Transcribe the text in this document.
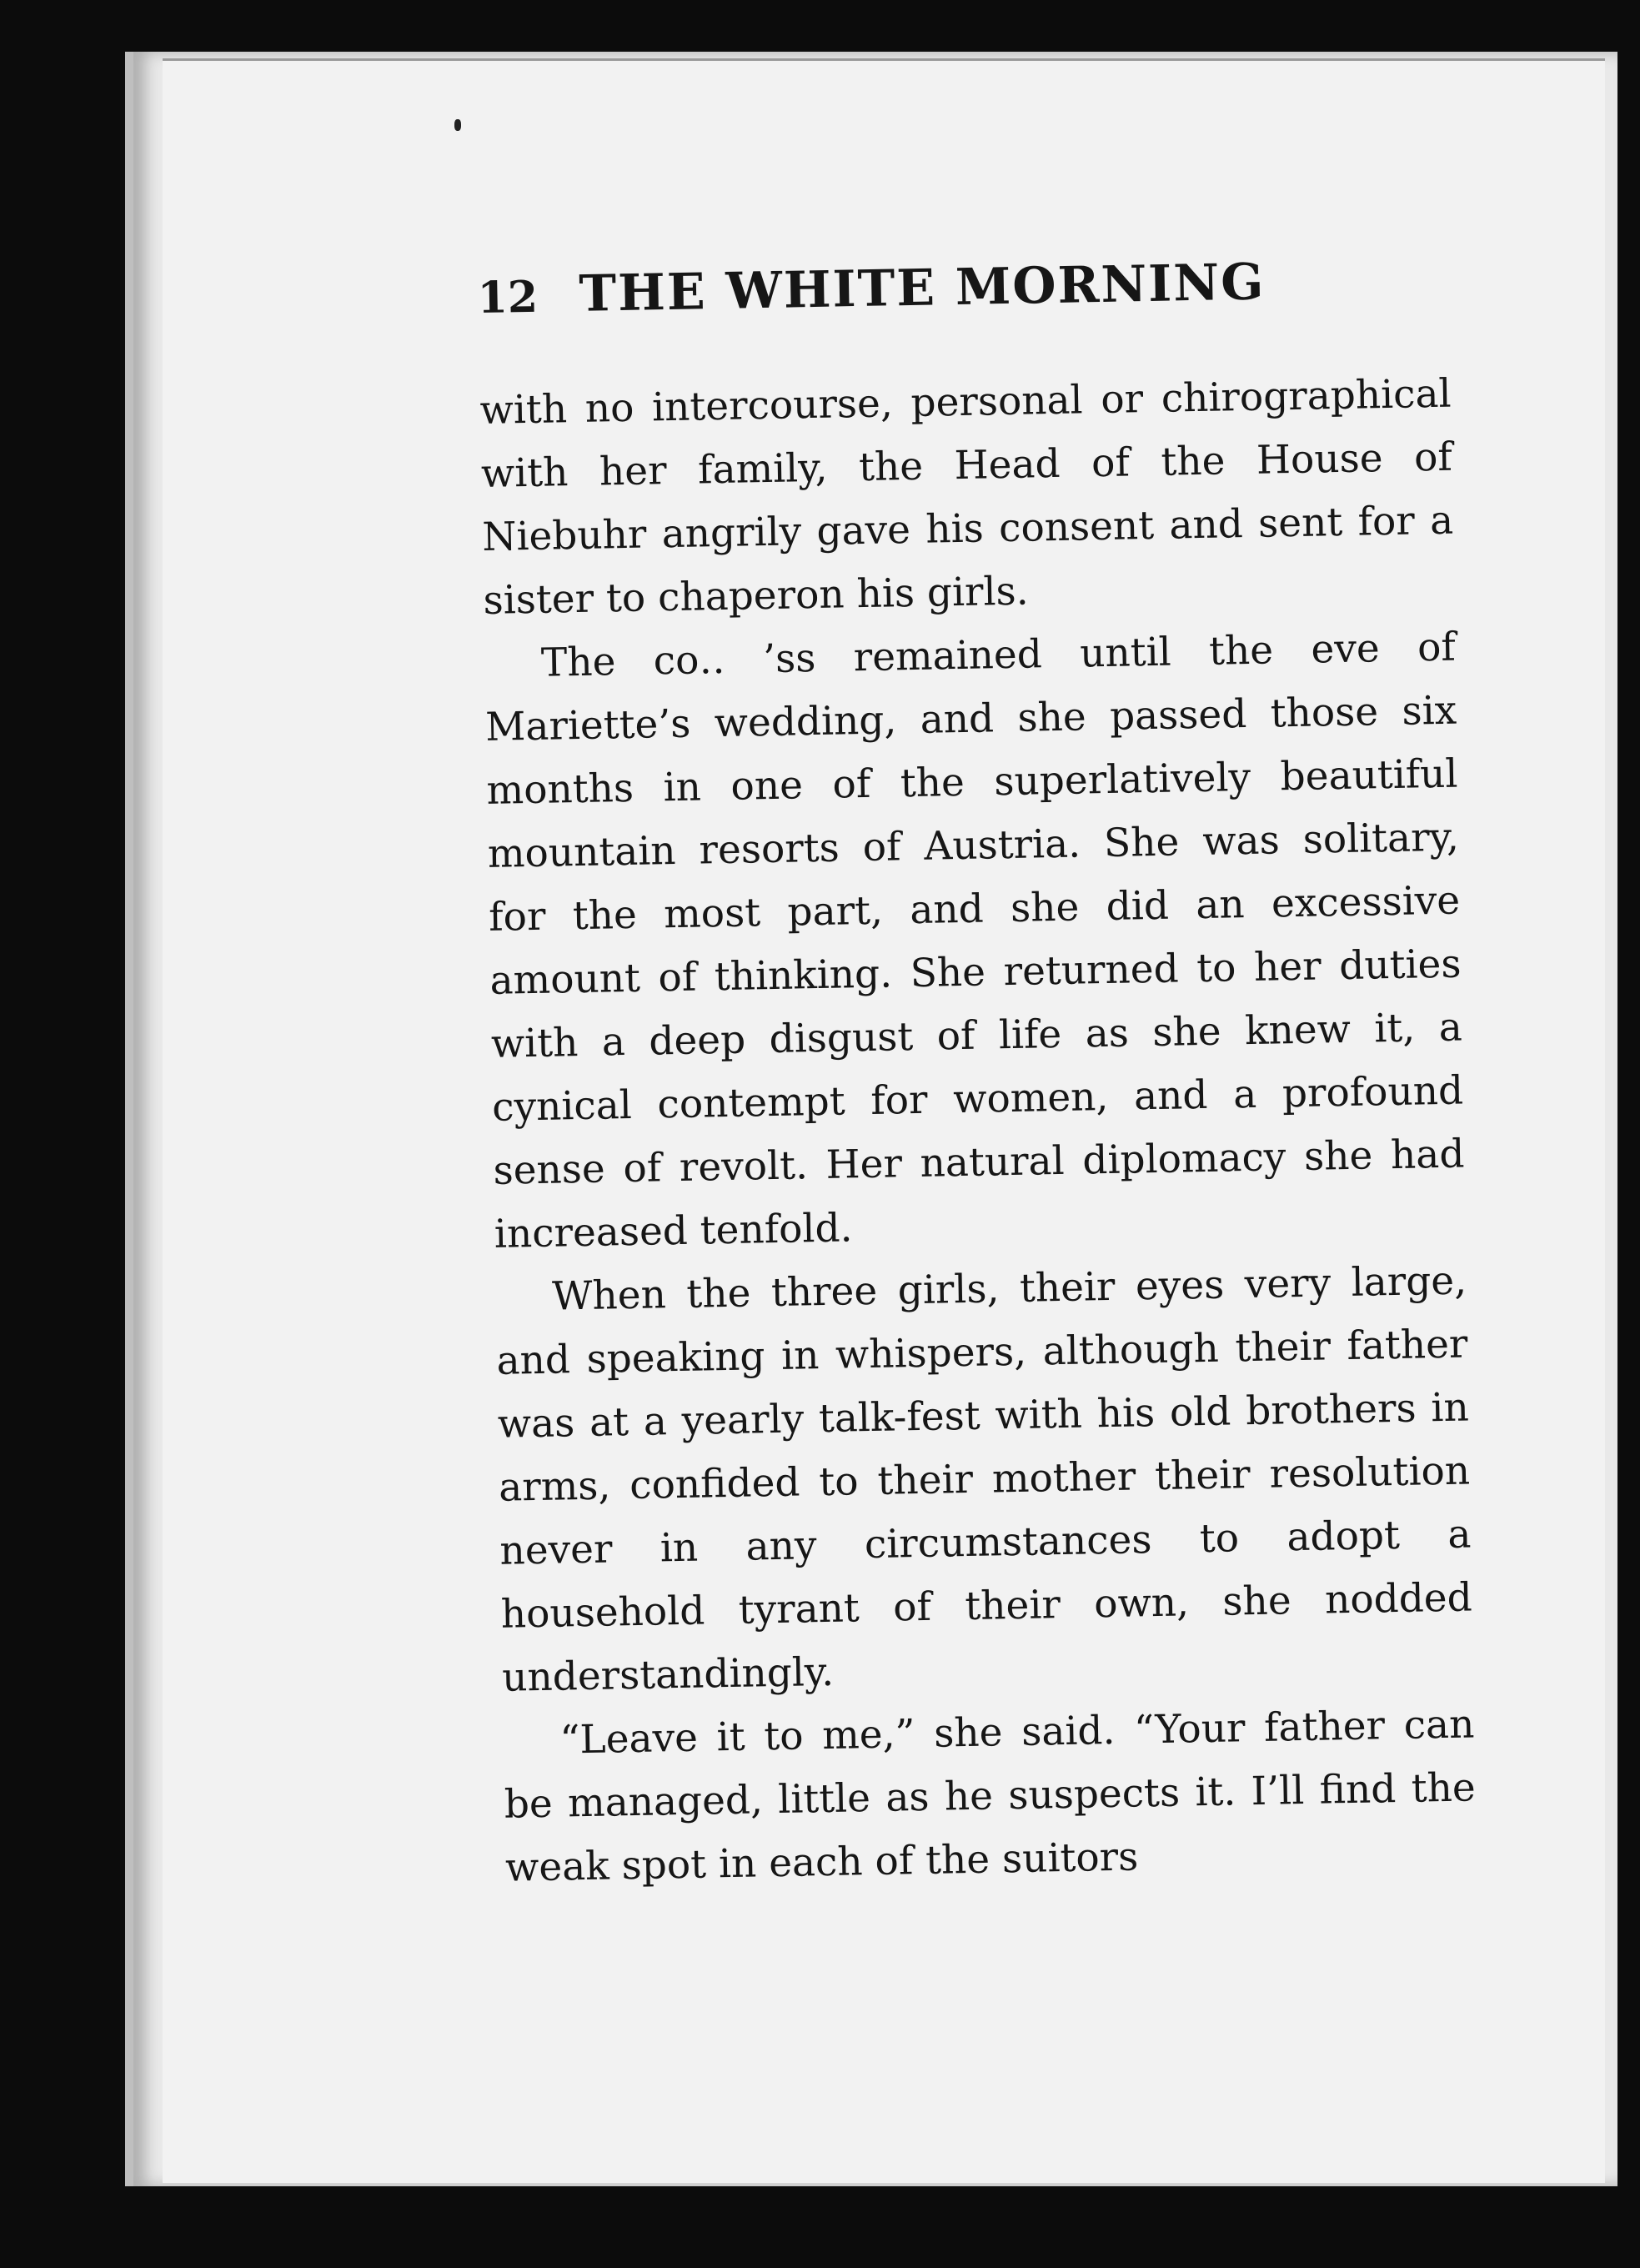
12 THE WHITE MORNING

with no intercourse, personal or chirographical with her family, the Head of the House of Niebuhr angrily gave his consent and sent for a sister to chaperon his girls.

The co‥ ’ss remained until the eve of Mariette’s wedding, and she passed those six months in one of the superlatively beautiful mountain resorts of Austria. She was solitary, for the most part, and she did an excessive amount of thinking. She returned to her duties with a deep disgust of life as she knew it, a cynical contempt for women, and a profound sense of revolt. Her natural diplomacy she had increased tenfold.

When the three girls, their eyes very large, and speaking in whispers, although their father was at a yearly talk-fest with his old brothers in arms, confided to their mother their resolution never in any circumstances to adopt a household tyrant of their own, she nodded understandingly.

“Leave it to me,” she said. “Your father can be managed, little as he suspects it. I’ll find the weak spot in each of the suitors
